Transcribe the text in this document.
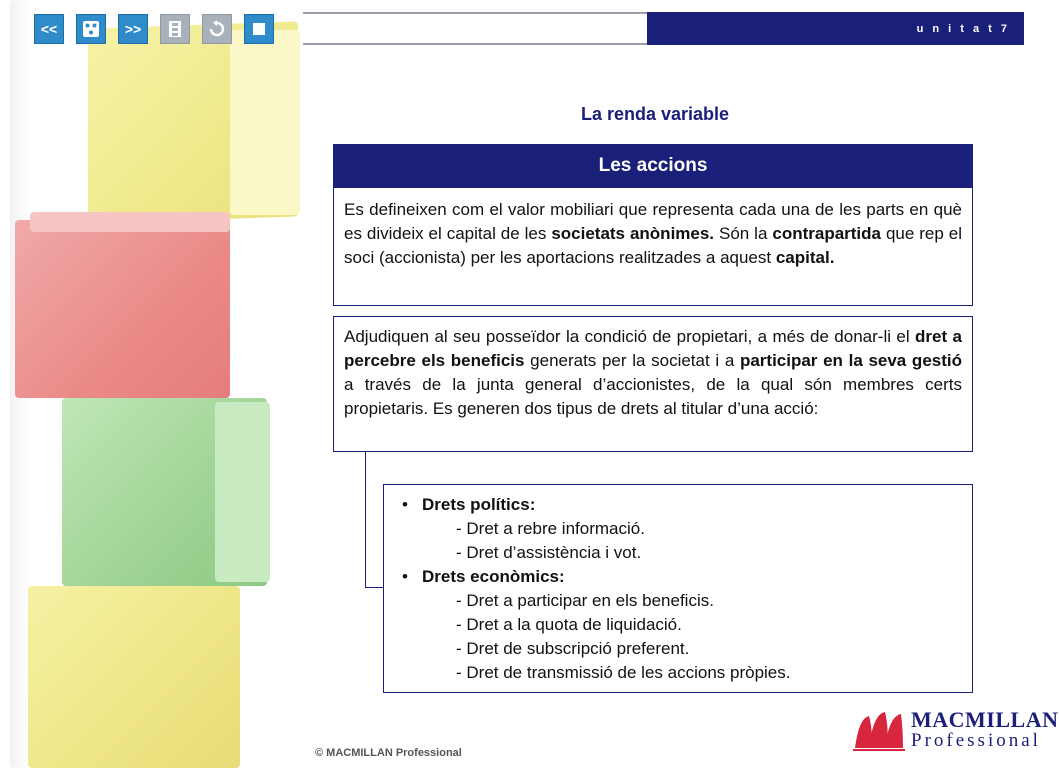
<<	>>	u n i t a t 7
La renda variable
Les accions
Es defineixen com el valor mobiliari que representa cada una de les parts en què es divideix el capital de les societats anònimes. Són la contrapartida que rep el soci (accionista) per les aportacions realitzades a aquest capital.
Adjudiquen al seu posseïdor la condició de propietari, a més de donar-li el dret a percebre els beneficis generats per la societat i a participar en la seva gestió a través de la junta general d’accionistes, de la qual són membres certs propietaris. Es generen dos tipus de drets al titular d’una acció:
• Drets polítics:
- Dret a rebre informació.
- Dret d’assistència i vot.
• Drets econòmics:
- Dret a participar en els beneficis.
- Dret a la quota de liquidació.
- Dret de subscripció preferent.
- Dret de transmissió de les accions pròpies.
© MACMILLAN Professional
MACMILLAN
Professional
